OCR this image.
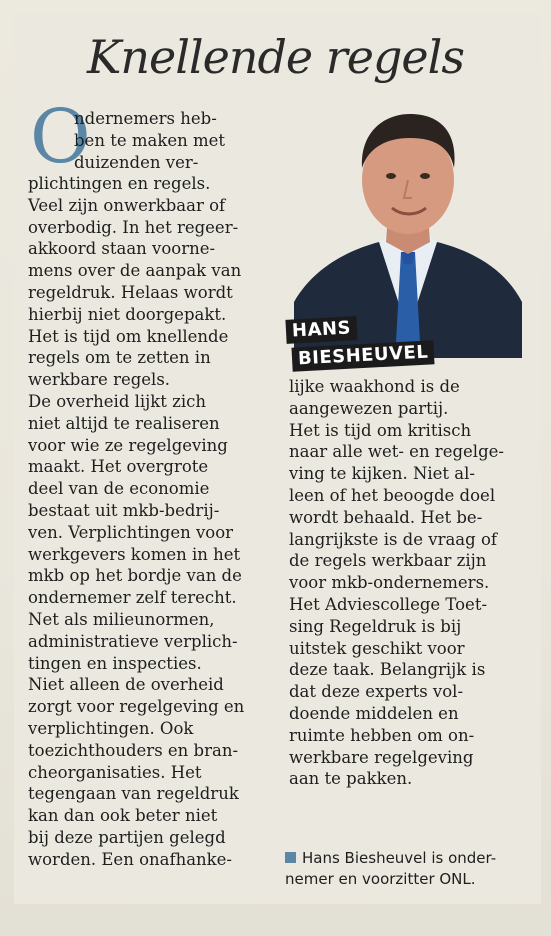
Knellende regels
O
ndernemers heb-
ben te maken met
duizenden ver-
plichtingen en regels.
Veel zijn onwerkbaar of
overbodig. In het regeer-
akkoord staan voorne-
mens over de aanpak van
regeldruk. Helaas wordt
hierbij niet doorgepakt.
Het is tijd om knellende
regels om te zetten in
werkbare regels.
De overheid lijkt zich
niet altijd te realiseren
voor wie ze regelgeving
maakt. Het overgrote
deel van de economie
bestaat uit mkb-bedrij-
ven. Verplichtingen voor
werkgevers komen in het
mkb op het bordje van de
ondernemer zelf terecht.
Net als milieunormen,
administratieve verplich-
tingen en inspecties.
Niet alleen de overheid
zorgt voor regelgeving en
verplichtingen. Ook
toezichthouders en bran-
cheorganisaties. Het
tegengaan van regeldruk
kan dan ook beter niet
bij deze partijen gelegd
worden. Een onafhanke-
HANS
BIESHEUVEL
lijke waakhond is de
aangewezen partij.
Het is tijd om kritisch
naar alle wet- en regelge-
ving te kijken. Niet al-
leen of het beoogde doel
wordt behaald. Het be-
langrijkste is de vraag of
de regels werkbaar zijn
voor mkb-ondernemers.
Het Adviescollege Toet-
sing Regeldruk is bij
uitstek geschikt voor
deze taak. Belangrijk is
dat deze experts vol-
doende middelen en
ruimte hebben om on-
werkbare regelgeving
aan te pakken.
Hans Biesheuvel is onder-
nemer en voorzitter ONL.
